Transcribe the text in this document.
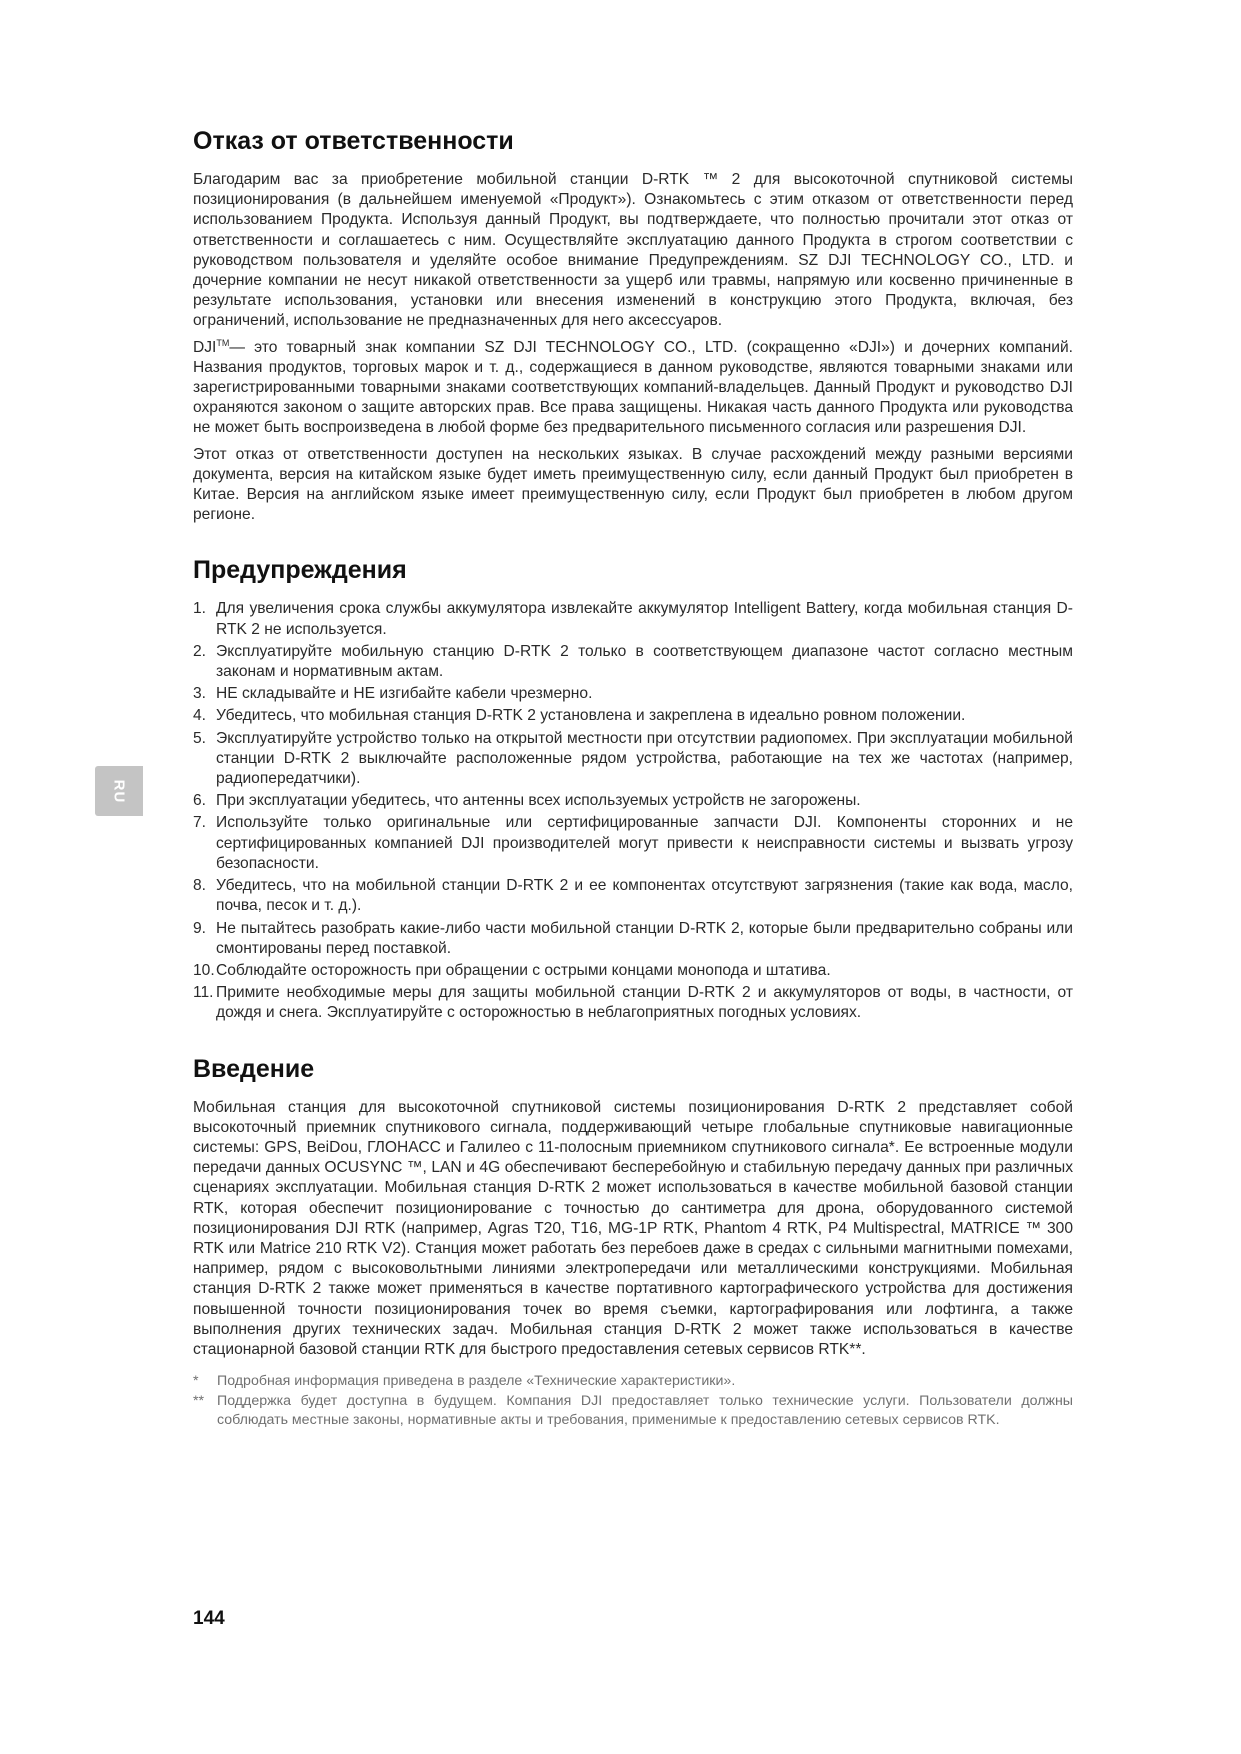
RU
Отказ от ответственности

Благодарим вас за приобретение мобильной станции D-RTK ™ 2 для высокоточной спутниковой системы позиционирования (в дальнейшем именуемой «Продукт»). Ознакомьтесь с этим отказом от ответственности перед использованием Продукта. Используя данный Продукт, вы подтверждаете, что полностью прочитали этот отказ от ответственности и соглашаетесь с ним. Осуществляйте эксплуатацию данного Продукта в строгом соответствии с руководством пользователя и уделяйте особое внимание Предупреждениям. SZ DJI TECHNOLOGY CO., LTD. и дочерние компании не несут никакой ответственности за ущерб или травмы, напрямую или косвенно причиненные в результате использования, установки или внесения изменений в конструкцию этого Продукта, включая, без ограничений, использование не предназначенных для него аксессуаров.

DJI™— это товарный знак компании SZ DJI TECHNOLOGY CO., LTD. (сокращенно «DJI») и дочерних компаний. Названия продуктов, торговых марок и т. д., содержащиеся в данном руководстве, являются товарными знаками или зарегистрированными товарными знаками соответствующих компаний-владельцев. Данный Продукт и руководство DJI охраняются законом о защите авторских прав. Все права защищены. Никакая часть данного Продукта или руководства не может быть воспроизведена в любой форме без предварительного письменного согласия или разрешения DJI.

Этот отказ от ответственности доступен на нескольких языках. В случае расхождений между разными версиями документа, версия на китайском языке будет иметь преимущественную силу, если данный Продукт был приобретен в Китае. Версия на английском языке имеет преимущественную силу, если Продукт был приобретен в любом другом регионе.

Предупреждения
1. Для увеличения срока службы аккумулятора извлекайте аккумулятор Intelligent Battery, когда мобильная станция D-RTK 2 не используется.
2. Эксплуатируйте мобильную станцию D-RTK 2 только в соответствующем диапазоне частот согласно местным законам и нормативным актам.
3. НЕ складывайте и НЕ изгибайте кабели чрезмерно.
4. Убедитесь, что мобильная станция D-RTK 2 установлена и закреплена в идеально ровном положении.
5. Эксплуатируйте устройство только на открытой местности при отсутствии радиопомех. При эксплуатации мобильной станции D-RTK 2 выключайте расположенные рядом устройства, работающие на тех же частотах (например, радиопередатчики).
6. При эксплуатации убедитесь, что антенны всех используемых устройств не загорожены.
7. Используйте только оригинальные или сертифицированные запчасти DJI. Компоненты сторонних и не сертифицированных компанией DJI производителей могут привести к неисправности системы и вызвать угрозу безопасности.
8. Убедитесь, что на мобильной станции D-RTK 2 и ее компонентах отсутствуют загрязнения (такие как вода, масло, почва, песок и т. д.).
9. Не пытайтесь разобрать какие-либо части мобильной станции D-RTK 2, которые были предварительно собраны или смонтированы перед поставкой.
10. Соблюдайте осторожность при обращении с острыми концами моноподa и штатива.
11. Примите необходимые меры для защиты мобильной станции D-RTK 2 и аккумуляторов от воды, в частности, от дождя и снега. Эксплуатируйте с осторожностью в неблагоприятных погодных условиях.
Введение

Мобильная станция для высокоточной спутниковой системы позиционирования D-RTK 2 представляет собой высокоточный приемник спутникового сигнала, поддерживающий четыре глобальные спутниковые навигационные системы: GPS, BeiDou, ГЛОНАСС и Галилео с 11-полосным приемником спутникового сигнала*. Ее встроенные модули передачи данных OCUSYNC ™, LAN и 4G обеспечивают бесперебойную и стабильную передачу данных при различных сценариях эксплуатации. Мобильная станция D-RTK 2 может использоваться в качестве мобильной базовой станции RTK, которая обеспечит позиционирование с точностью до сантиметра для дрона, оборудованного системой позиционирования DJI RTK (например, Agras T20, T16, MG-1P RTK, Phantom 4 RTK, P4 Multispectral, MATRICE ™ 300 RTK или Matrice 210 RTK V2). Станция может работать без перебоев даже в средах с сильными магнитными помехами, например, рядом с высоковольтными линиями электропередачи или металлическими конструкциями. Мобильная станция D-RTK 2 также может применяться в качестве портативного картографического устройства для достижения повышенной точности позиционирования точек во время съемки, картографирования или лофтинга, а также выполнения других технических задач. Мобильная станция D-RTK 2 может также использоваться в качестве стационарной базовой станции RTK для быстрого предоставления сетевых сервисов RTK**.

* Подробная информация приведена в разделе «Технические характеристики».

** Поддержка будет доступна в будущем. Компания DJI предоставляет только технические услуги. Пользователи должны соблюдать местные законы, нормативные акты и требования, применимые к предоставлению сетевых сервисов RTK.

144
